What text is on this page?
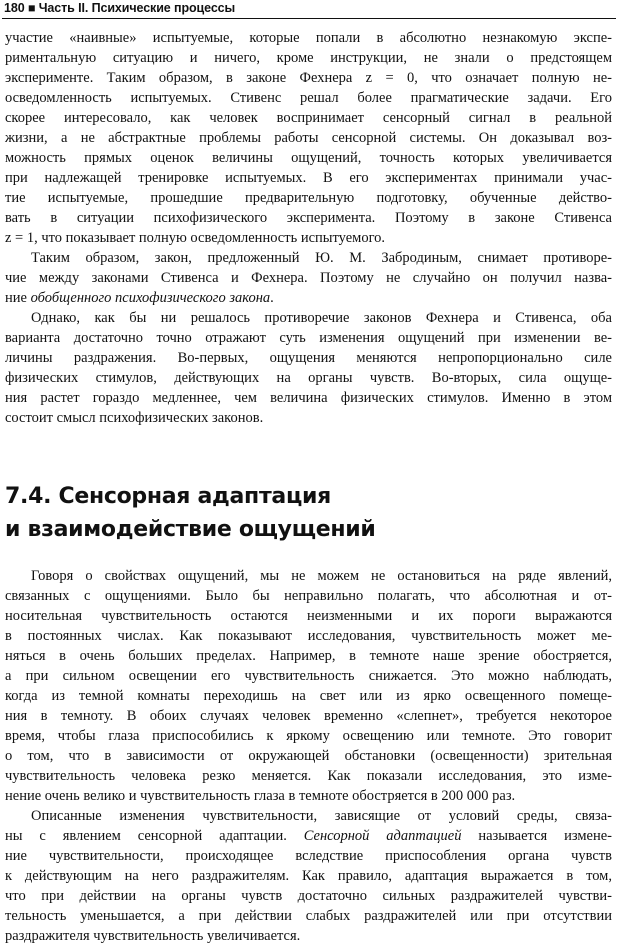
180 ■ Часть II. Психические процессы
участие «наивные» испытуемые, которые попали в абсолютно незнакомую экспе-
риментальную ситуацию и ничего, кроме инструкции, не знали о предстоящем
эксперименте. Таким образом, в законе Фехнера z = 0, что означает полную не-
осведомленность испытуемых. Стивенс решал более прагматические задачи. Его
скорее интересовало, как человек воспринимает сенсорный сигнал в реальной
жизни, а не абстрактные проблемы работы сенсорной системы. Он доказывал воз-
можность прямых оценок величины ощущений, точность которых увеличивается
при надлежащей тренировке испытуемых. В его экспериментах принимали учас-
тие испытуемые, прошедшие предварительную подготовку, обученные действо-
вать в ситуации психофизического эксперимента. Поэтому в законе Стивенса
z = 1, что показывает полную осведомленность испытуемого.
Таким образом, закон, предложенный Ю. М. Забродиным, снимает противоре-
чие между законами Стивенса и Фехнера. Поэтому не случайно он получил назва-
ние обобщенного психофизического закона.
Однако, как бы ни решалось противоречие законов Фехнера и Стивенса, оба
варианта достаточно точно отражают суть изменения ощущений при изменении ве-
личины раздражения. Во-первых, ощущения меняются непропорционально силе
физических стимулов, действующих на органы чувств. Во-вторых, сила ощуще-
ния растет гораздо медленнее, чем величина физических стимулов. Именно в этом
состоит смысл психофизических законов.
7.4. Сенсорная адаптация
и взаимодействие ощущений
Говоря о свойствах ощущений, мы не можем не остановиться на ряде явлений,
связанных с ощущениями. Было бы неправильно полагать, что абсолютная и от-
носительная чувствительность остаются неизменными и их пороги выражаются
в постоянных числах. Как показывают исследования, чувствительность может ме-
няться в очень больших пределах. Например, в темноте наше зрение обостряется,
а при сильном освещении его чувствительность снижается. Это можно наблюдать,
когда из темной комнаты переходишь на свет или из ярко освещенного помеще-
ния в темноту. В обоих случаях человек временно «слепнет», требуется некоторое
время, чтобы глаза приспособились к яркому освещению или темноте. Это говорит
о том, что в зависимости от окружающей обстановки (освещенности) зрительная
чувствительность человека резко меняется. Как показали исследования, это изме-
нение очень велико и чувствительность глаза в темноте обостряется в 200 000 раз.
Описанные изменения чувствительности, зависящие от условий среды, связа-
ны с явлением сенсорной адаптации. Сенсорной адаптацией называется измене-
ние чувствительности, происходящее вследствие приспособления органа чувств
к действующим на него раздражителям. Как правило, адаптация выражается в том,
что при действии на органы чувств достаточно сильных раздражителей чувстви-
тельность уменьшается, а при действии слабых раздражителей или при отсутствии
раздражителя чувствительность увеличивается.
